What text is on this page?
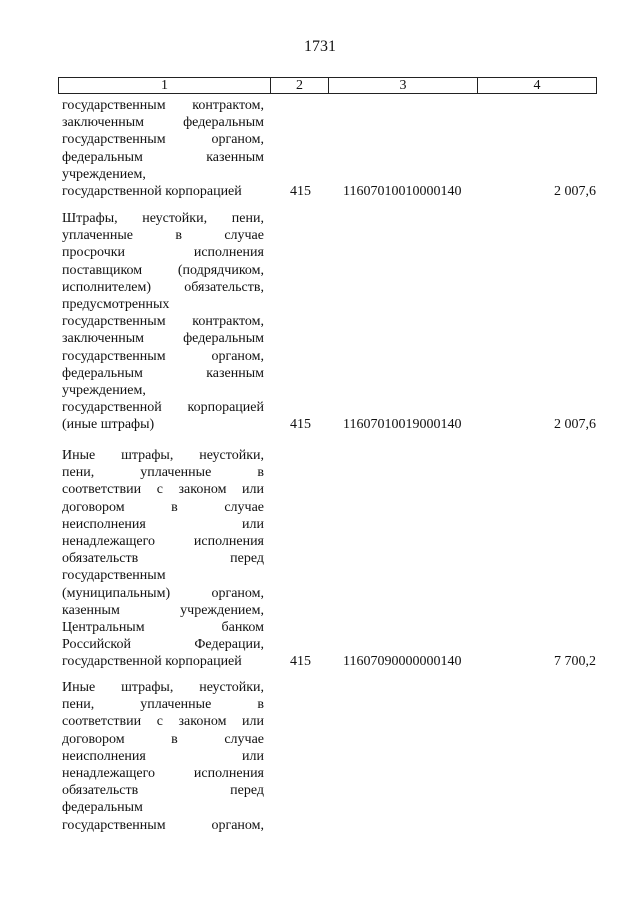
1731
1	2	3	4
государственным контрактом,
заключенным федеральным
государственным органом,
федеральным казенным
учреждением,
государственной корпорацией	415 11607010010000140	2 007,6
Штрафы, неустойки, пени,
уплаченные в случае
просрочки исполнения
поставщиком (подрядчиком,
исполнителем) обязательств,
предусмотренных
государственным контрактом,
заключенным федеральным
государственным органом,
федеральным казенным
учреждением,
государственной корпорацией
(иные штрафы)	415 11607010019000140	2 007,6
Иные штрафы, неустойки,
пени, уплаченные в
соответствии с законом или
договором в случае
неисполнения или
ненадлежащего исполнения
обязательств перед
государственным
(муниципальным) органом,
казенным учреждением,
Центральным банком
Российской Федерации,
государственной корпорацией	415 11607090000000140	7 700,2
Иные штрафы, неустойки,
пени, уплаченные в
соответствии с законом или
договором в случае
неисполнения или
ненадлежащего исполнения
обязательств перед
федеральным
государственным органом,
